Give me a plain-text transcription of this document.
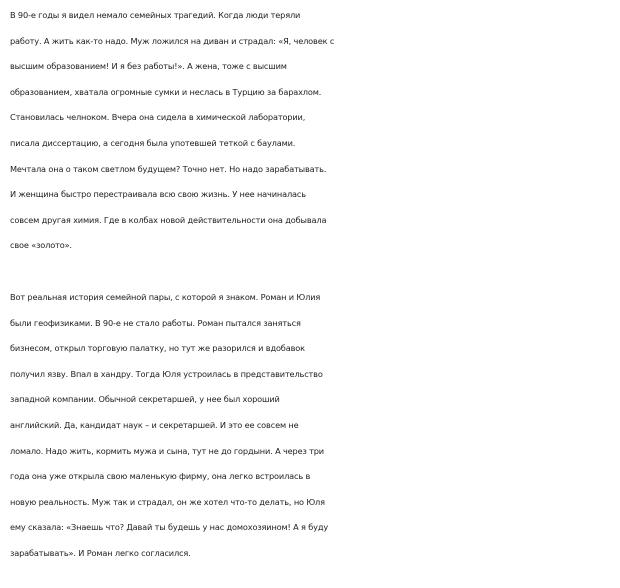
В 90-е годы я видел немало семейных трагедий. Когда люди теряли
работу. А жить как-то надо. Муж ложился на диван и страдал: «Я, человек с
высшим образованием! И я без работы!». А жена, тоже с высшим
образованием, хватала огромные сумки и неслась в Турцию за барахлом.
Становилась челноком. Вчера она сидела в химической лаборатории,
писала диссертацию, а сегодня была употевшей теткой с баулами.
Мечтала она о таком светлом будущем? Точно нет. Но надо зарабатывать.
И женщина быстро перестраивала всю свою жизнь. У нее начиналась
совсем другая химия. Где в колбах новой действительности она добывала
свое «золото».

Вот реальная история семейной пары, с которой я знаком. Роман и Юлия
были геофизиками. В 90-е не стало работы. Роман пытался заняться
бизнесом, открыл торговую палатку, но тут же разорился и вдобавок
получил язву. Впал в хандру. Тогда Юля устроилась в представительство
западной компании. Обычной секретаршей, у нее был хороший
английский. Да, кандидат наук – и секретаршей. И это ее совсем не
ломало. Надо жить, кормить мужа и сына, тут не до гордыни. А через три
года она уже открыла свою маленькую фирму, она легко встроилась в
новую реальность. Муж так и страдал, он же хотел что-то делать, но Юля
ему сказала: «Знаешь что? Давай ты будешь у нас домохозяином! А я буду
зарабатывать». И Роман легко согласился.
